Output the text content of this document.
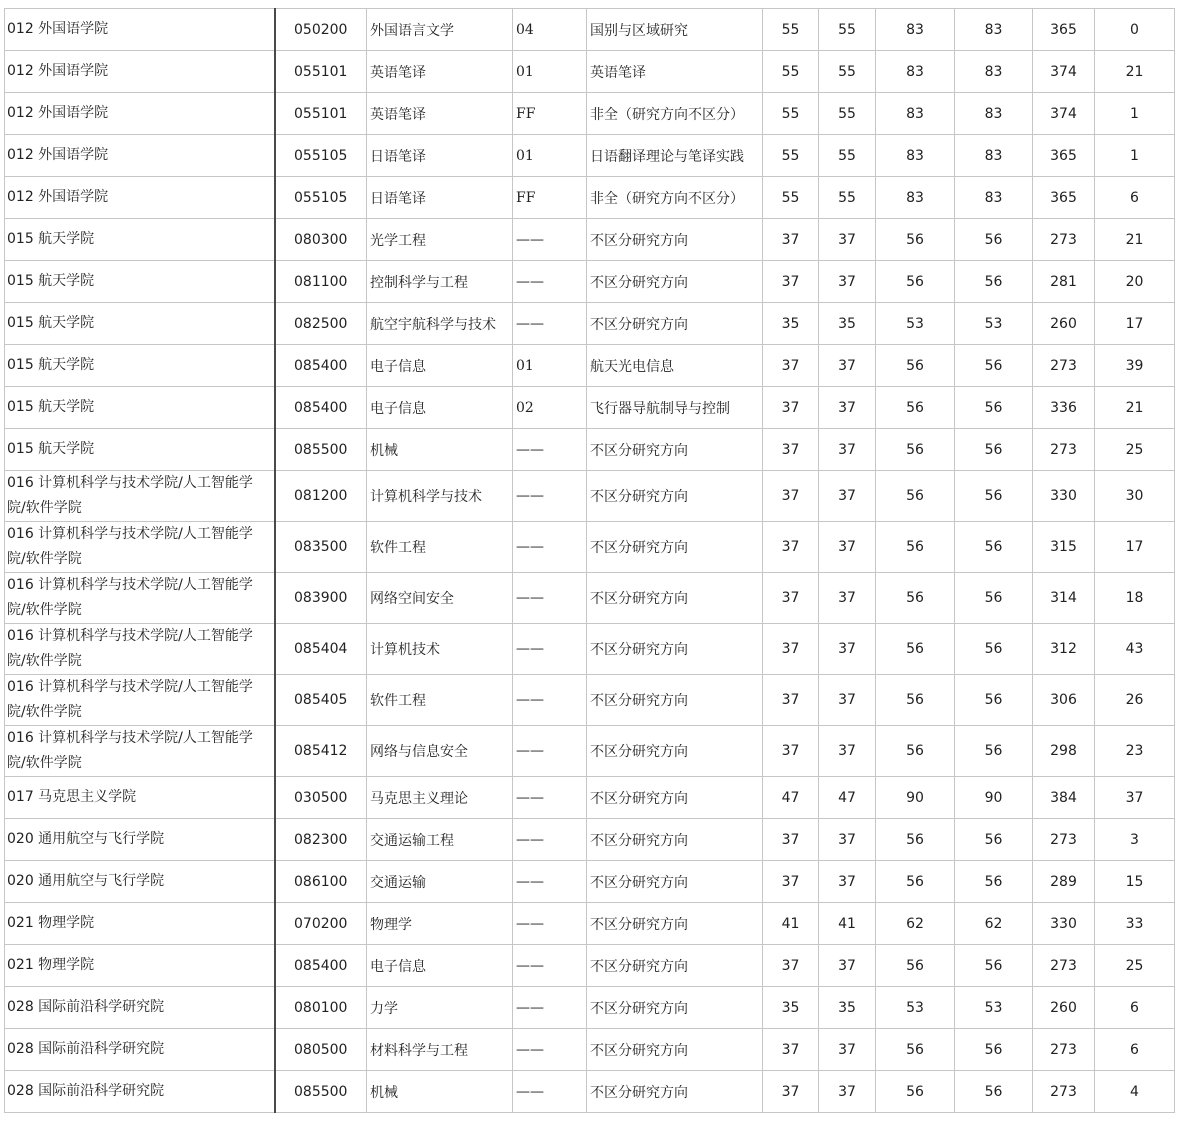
012 外国语学院	050200	外国语言文学	04	国别与区域研究	55	55	83	83	365	0
012 外国语学院	055101	英语笔译	01	英语笔译	55	55	83	83	374	21
012 外国语学院	055101	英语笔译	FF	非全（研究方向不区分）	55	55	83	83	374	1
012 外国语学院	055105	日语笔译	01	日语翻译理论与笔译实践	55	55	83	83	365	1
012 外国语学院	055105	日语笔译	FF	非全（研究方向不区分）	55	55	83	83	365	6
015 航天学院	080300	光学工程	——	不区分研究方向	37	37	56	56	273	21
015 航天学院	081100	控制科学与工程	——	不区分研究方向	37	37	56	56	281	20
015 航天学院	082500	航空宇航科学与技术	——	不区分研究方向	35	35	53	53	260	17
015 航天学院	085400	电子信息	01	航天光电信息	37	37	56	56	273	39
015 航天学院	085400	电子信息	02	飞行器导航制导与控制	37	37	56	56	336	21
015 航天学院	085500	机械	——	不区分研究方向	37	37	56	56	273	25
016 计算机科学与技术学院/人工智能学院/软件学院	081200	计算机科学与技术	——	不区分研究方向	37	37	56	56	330	30
016 计算机科学与技术学院/人工智能学院/软件学院	083500	软件工程	——	不区分研究方向	37	37	56	56	315	17
016 计算机科学与技术学院/人工智能学院/软件学院	083900	网络空间安全	——	不区分研究方向	37	37	56	56	314	18
016 计算机科学与技术学院/人工智能学院/软件学院	085404	计算机技术	——	不区分研究方向	37	37	56	56	312	43
016 计算机科学与技术学院/人工智能学院/软件学院	085405	软件工程	——	不区分研究方向	37	37	56	56	306	26
016 计算机科学与技术学院/人工智能学院/软件学院	085412	网络与信息安全	——	不区分研究方向	37	37	56	56	298	23
017 马克思主义学院	030500	马克思主义理论	——	不区分研究方向	47	47	90	90	384	37
020 通用航空与飞行学院	082300	交通运输工程	——	不区分研究方向	37	37	56	56	273	3
020 通用航空与飞行学院	086100	交通运输	——	不区分研究方向	37	37	56	56	289	15
021 物理学院	070200	物理学	——	不区分研究方向	41	41	62	62	330	33
021 物理学院	085400	电子信息	——	不区分研究方向	37	37	56	56	273	25
028 国际前沿科学研究院	080100	力学	——	不区分研究方向	35	35	53	53	260	6
028 国际前沿科学研究院	080500	材料科学与工程	——	不区分研究方向	37	37	56	56	273	6
028 国际前沿科学研究院	085500	机械	——	不区分研究方向	37	37	56	56	273	4
